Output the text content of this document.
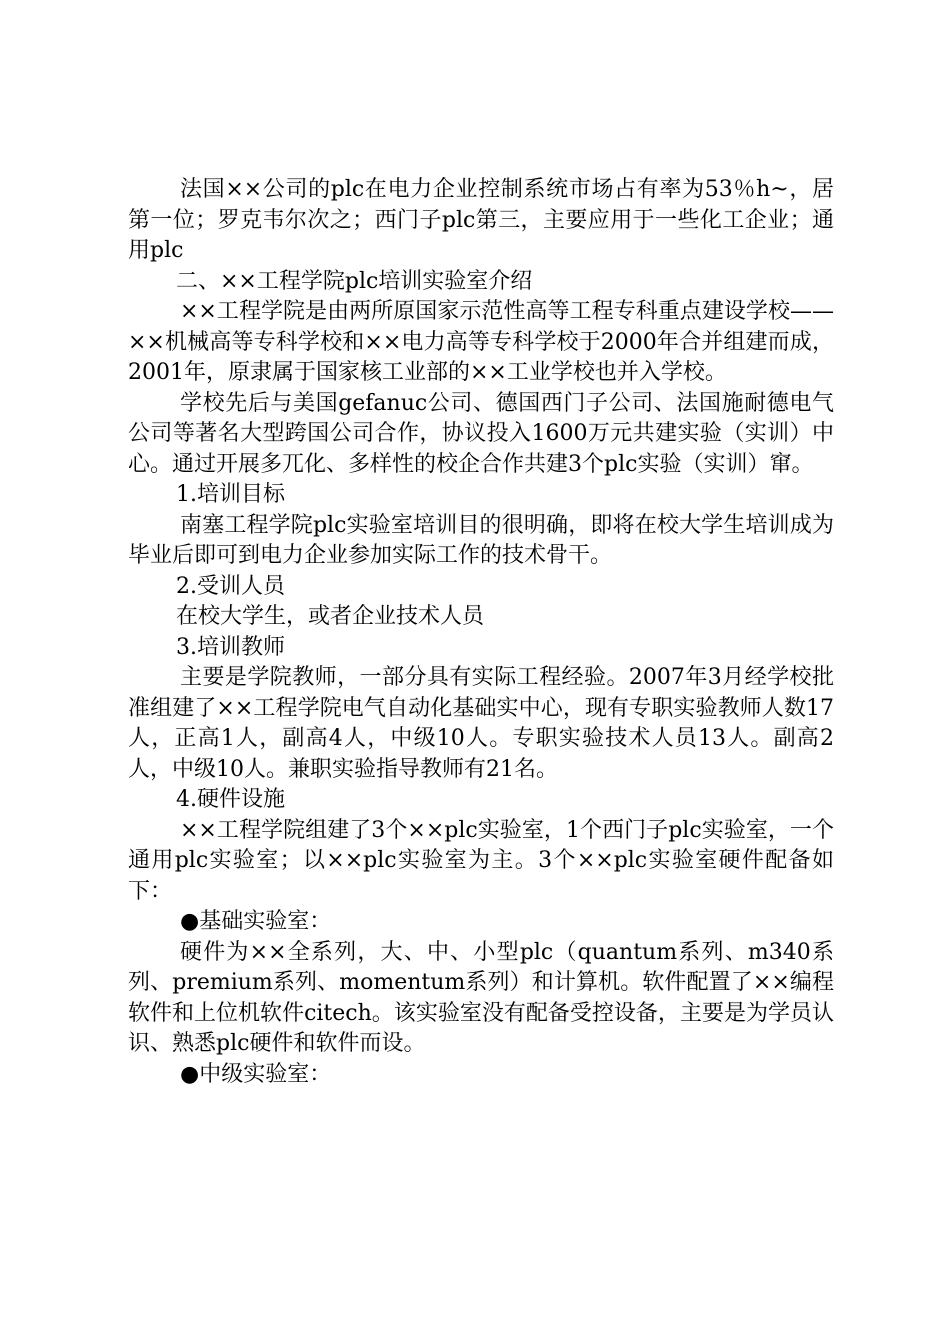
法国××公司的plc在电力企业控制系统市场占有率为53％h~，居第一位；罗克韦尔次之；西门子plc第三，主要应用于一些化工企业；通用plc

二、××工程学院plc培训实验室介绍

××工程学院是由两所原国家示范性高等工程专科重点建设学校——××机械高等专科学校和××电力高等专科学校于2000年合并组建而成，2001年，原隶属于国家核工业部的××工业学校也并入学校。

学校先后与美国gefanuc公司、德国西门子公司、法国施耐德电气公司等著名大型跨国公司合作，协议投入1600万元共建实验（实训）中心。通过开展多兀化、多样性的校企合作共建3个plc实验（实训）窜。

1.培训目标

南塞工程学院plc实验室培训目的很明确，即将在校大学生培训成为毕业后即可到电力企业参加实际工作的技术骨干。

2.受训人员

在校大学生，或者企业技术人员

3.培训教师

主要是学院教师，一部分具有实际工程经验。2007年3月经学校批准组建了××工程学院电气自动化基础实中心，现有专职实验教师人数17人，正高1人，副高4人，中级10人。专职实验技术人员13人。副高2人，中级10人。兼职实验指导教师有21名。

4.硬件设施

××工程学院组建了3个××plc实验室，1个西门子plc实验室，一个通用plc实验室；以××plc实验室为主。3个××plc实验室硬件配备如下：

●基础实验室：

硬件为××全系列，大、中、小型plc（quantum系列、m340系列、premium系列、momentum系列）和计算机。软件配置了××编程软件和上位机软件citech。该实验室没有配备受控设备，主要是为学员认识、熟悉plc硬件和软件而设。

●中级实验室：
